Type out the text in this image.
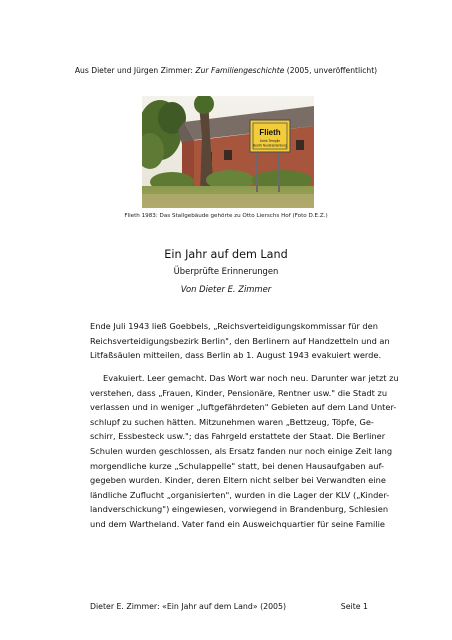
Aus Dieter und Jürgen Zimmer: Zur Familiengeschichte (2005, unveröffentlicht)
Flieth
Kreis Templin
Bezirk Neubrandenburg
Flieth 1983: Das Stallgebäude gehörte zu Otto Lierschs Hof (Foto D.E.Z.)
Ein Jahr auf dem Land
Überprüfte Erinnerungen
Von Dieter E. Zimmer
Ende Juli 1943 ließ Goebbels, „Reichsverteidigungskommissar für den
Reichsverteidigungsbezirk Berlin", den Berlinern auf Handzetteln und an
Litfaßsäulen mitteilen, dass Berlin ab 1. August 1943 evakuiert werde.
Evakuiert. Leer gemacht. Das Wort war noch neu. Darunter war jetzt zu
verstehen, dass „Frauen, Kinder, Pensionäre, Rentner usw." die Stadt zu
verlassen und in weniger „luftgefährdeten" Gebieten auf dem Land Unter-
schlupf zu suchen hätten. Mitzunehmen waren „Bettzeug, Töpfe, Ge-
schirr, Essbesteck usw."; das Fahrgeld erstattete der Staat. Die Berliner
Schulen wurden geschlossen, als Ersatz fanden nur noch einige Zeit lang
morgendliche kurze „Schulappelle" statt, bei denen Hausaufgaben auf-
gegeben wurden. Kinder, deren Eltern nicht selber bei Verwandten eine
ländliche Zuflucht „organisierten", wurden in die Lager der KLV („Kinder-
landverschickung") eingewiesen, vorwiegend in Brandenburg, Schlesien
und dem Wartheland. Vater fand ein Ausweichquartier für seine Familie
Dieter E. Zimmer: «Ein Jahr auf dem Land» (2005)	Seite 1
